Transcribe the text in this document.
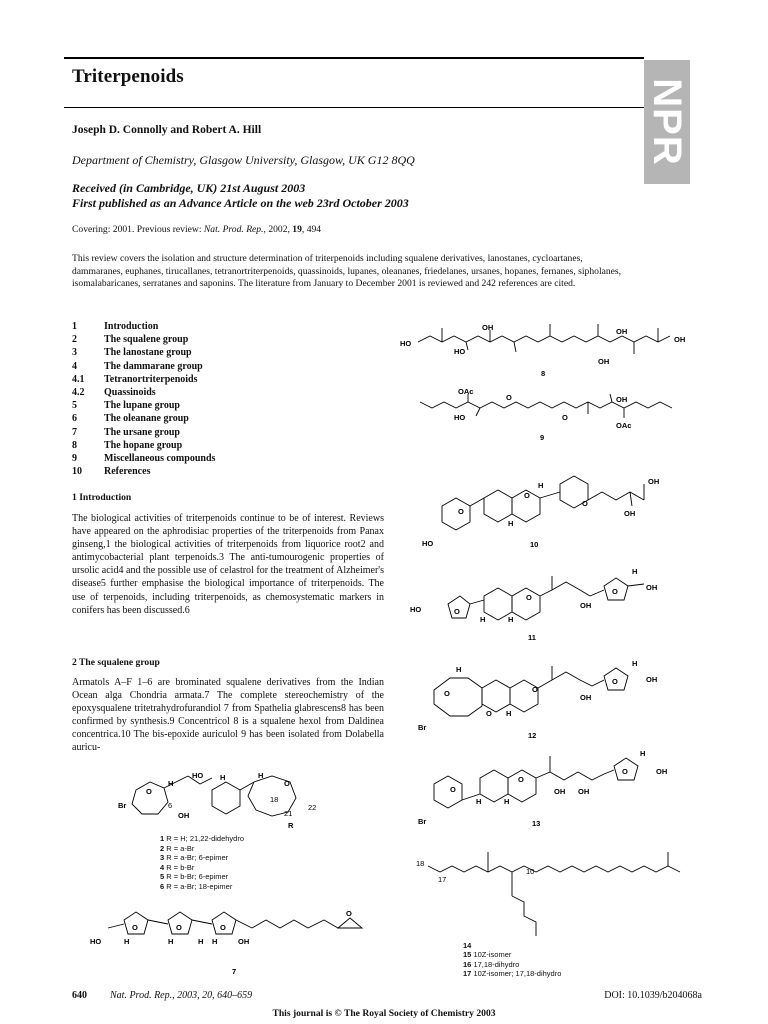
Triterpenoids
NPR
Joseph D. Connolly and Robert A. Hill
Department of Chemistry, Glasgow University, Glasgow, UK G12 8QQ
Received (in Cambridge, UK) 21st August 2003
First published as an Advance Article on the web 23rd October 2003
Covering: 2001. Previous review: Nat. Prod. Rep., 2002, 19, 494
This review covers the isolation and structure determination of triterpenoids including squalene derivatives, lanostanes, cycloartanes, dammaranes, euphanes, tirucallanes, tetranortriterpenoids, quassinoids, lupanes, oleananes, friedelanes, ursanes, hopanes, fernanes, sipholanes, isomalabaricanes, serratanes and saponins. The literature from January to December 2001 is reviewed and 242 references are cited.
1	Introduction
2	The squalene group
3	The lanostane group
4	The dammarane group
4.1	Tetranortriterpenoids
4.2	Quassinoids
5	The lupane group
6	The oleanane group
7	The ursane group
8	The hopane group
9	Miscellaneous compounds
10	References
1 Introduction

The biological activities of triterpenoids continue to be of interest. Reviews have appeared on the aphrodisiac properties of the triterpenoids from Panax ginseng,1 the biological activities of triterpenoids from liquorice root2 and antimycobacterial plant terpenoids.3 The anti-tumourogenic properties of ursolic acid4 and the possible use of celastrol for the treatment of Alzheimer's disease5 further emphasise the biological importance of triterpenoids. The use of terpenoids, including triterpenoids, as chemosystematic markers in conifers has been discussed.6

2 The squalene group

Armatols A–F 1–6 are brominated squalene derivatives from the Indian Ocean alga Chondria armata.7 The complete stereochemistry of the epoxysqualene tritetrahydrofurandiol 7 from Spathelia glabrescens8 has been confirmed by synthesis.9 Concentricol 8 is a squalene hexol from Daldinea concentrica.10 The bis-epoxide auriculol 9 has been isolated from Dolabella auricu-

HO
HO
OH	OH
OH
OH
8
OAc
HO
O
O
OH
OAc
9
O
O
O
HO
H
H	OH
OH
10
HO	O
O
O
H	H
H
OH
OH
11
Br
O
O
O
O
H
H
H
OH
OH
12
Br
O
O
O
H	H
H
OH
OH OH
13
18
17
10
Br
O
H
OH
HO H	H
O
R
6
18
21
22
1 R = H; 21,22-didehydro
2 R = a-Br
3 R = a-Br; 6-epimer
4 R = b-Br
5 R = b-Br; 6-epimer
6 R = a-Br; 18-epimer
HO
O	O	O
O
H	H	H H	OH
7
14
15 10Z-isomer
16 17,18-dihydro
17 10Z-isomer; 17,18-dihydro
640 Nat. Prod. Rep., 2003, 20, 640–659	DOI: 10.1039/b204068a
This journal is © The Royal Society of Chemistry 2003
